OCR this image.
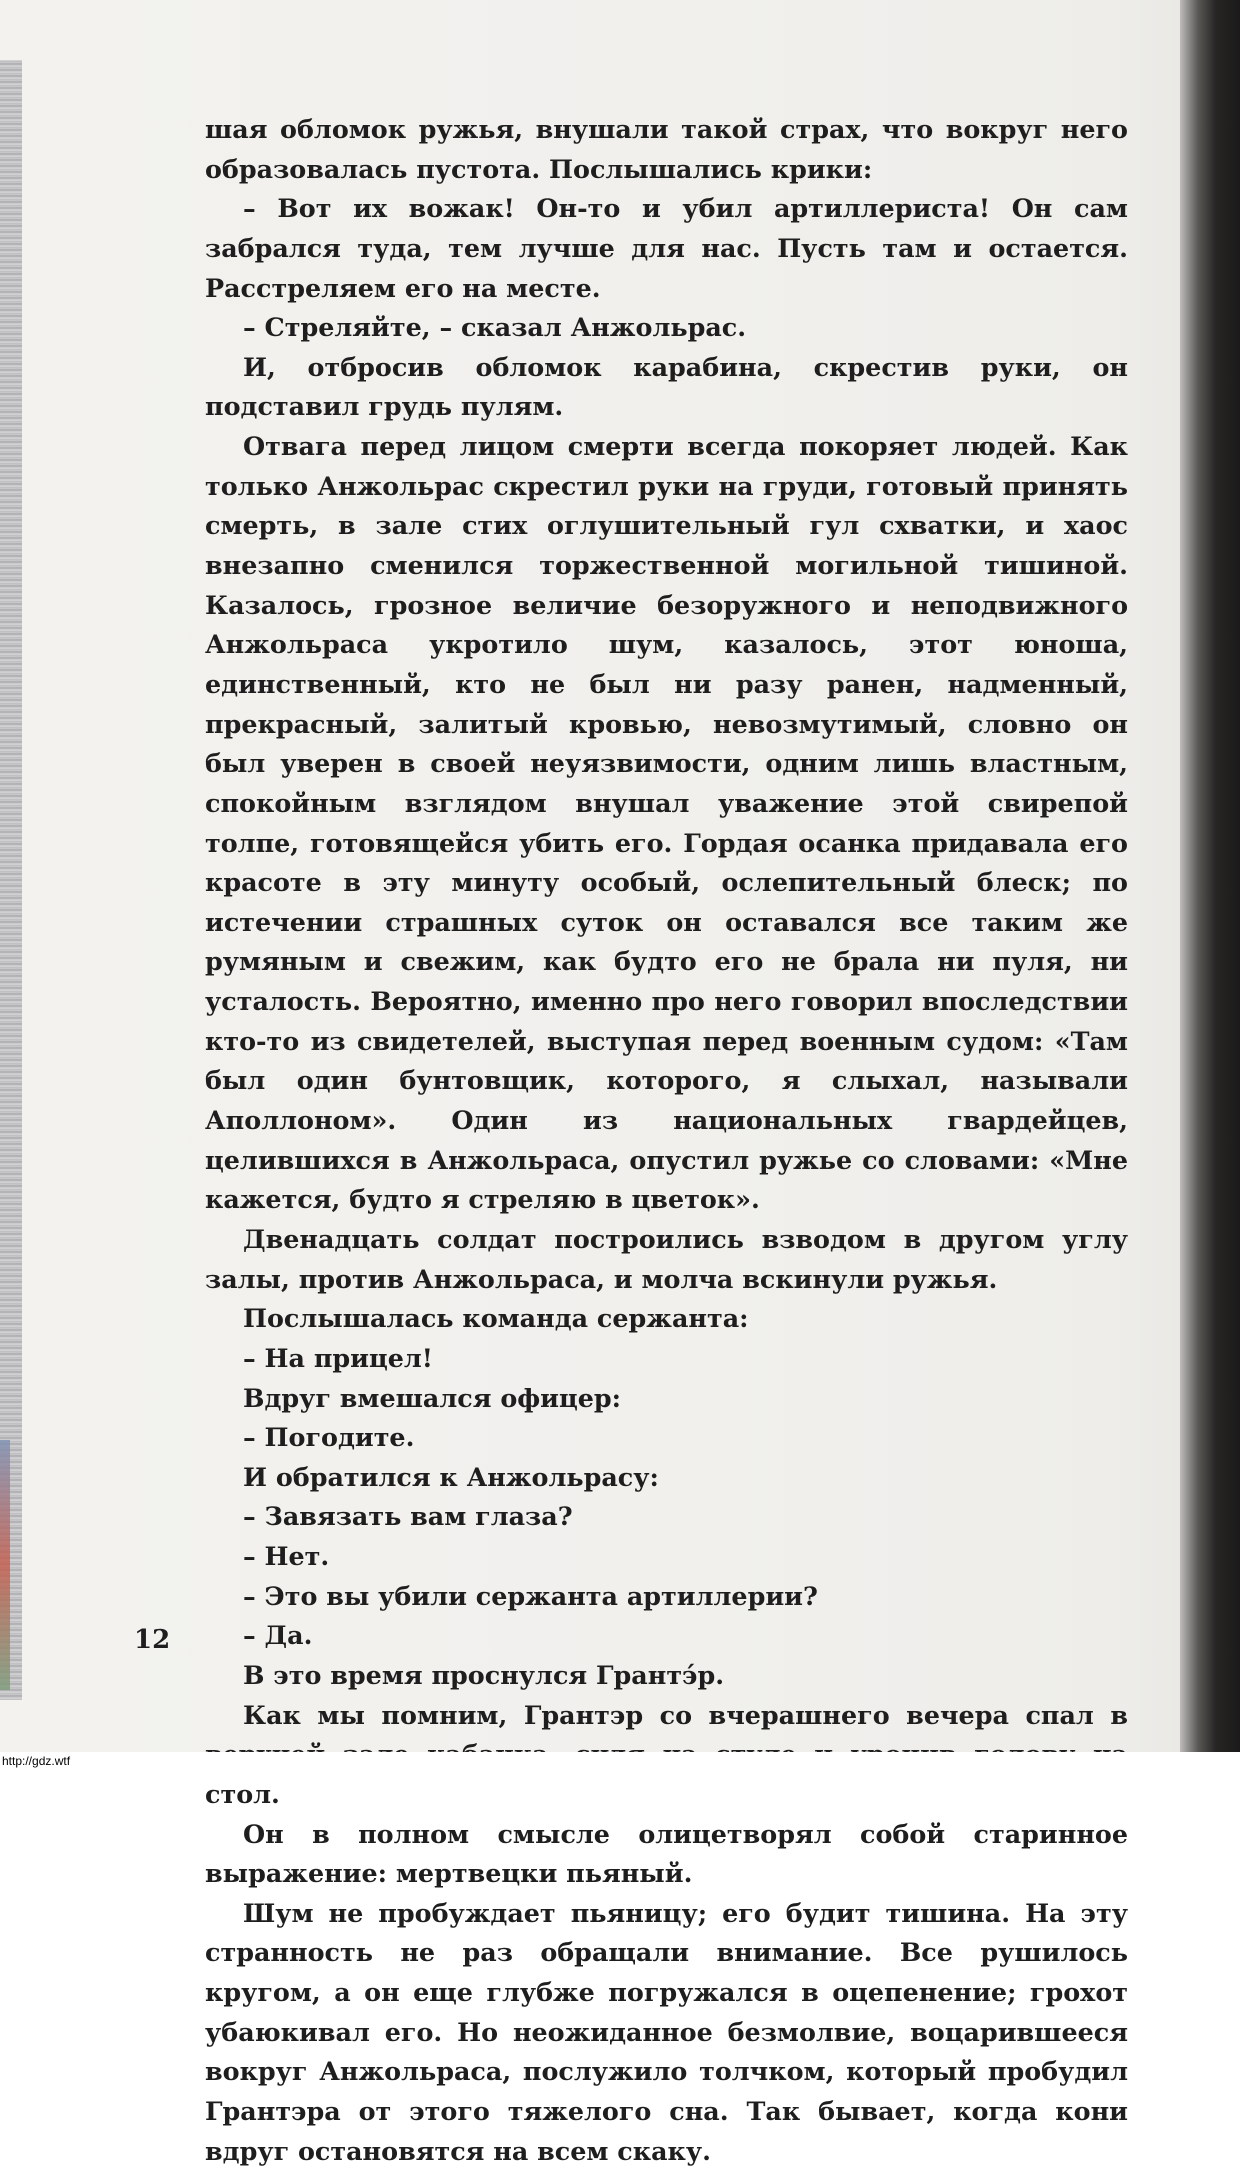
шая обломок ружья, внушали такой страх, что вокруг него образовалась пустота. Послышались крики:

– Вот их вожак! Он-то и убил артиллериста! Он сам забрался туда, тем лучше для нас. Пусть там и остается. Расстреляем его на месте.

– Стреляйте, – сказал Анжольрас.

И, отбросив обломок карабина, скрестив руки, он подставил грудь пулям.

Отвага перед лицом смерти всегда покоряет людей. Как только Анжольрас скрестил руки на груди, готовый принять смерть, в зале стих оглушительный гул схватки, и хаос внезапно сменился торжественной могильной тишиной. Казалось, грозное величие безоружного и неподвижного Анжольраса укротило шум, казалось, этот юноша, единственный, кто не был ни разу ранен, надменный, прекрасный, залитый кровью, невозмутимый, словно он был уверен в своей неуязвимости, одним лишь властным, спокойным взглядом внушал уважение этой свирепой толпе, готовящейся убить его. Гордая осанка придавала его красоте в эту минуту особый, ослепительный блеск; по истечении страшных суток он оставался все таким же румяным и свежим, как будто его не брала ни пуля, ни усталость. Вероятно, именно про него говорил впоследствии кто-то из свидетелей, выступая перед военным судом: «Там был один бунтовщик, которого, я слыхал, называли Аполлоном». Один из национальных гвардейцев, целившихся в Анжольраса, опустил ружье со словами: «Мне кажется, будто я стреляю в цветок».

Двенадцать солдат построились взводом в другом углу залы, против Анжольраса, и молча вскинули ружья.

Послышалась команда сержанта:

– На прицел!

Вдруг вмешался офицер:

– Погодите.

И обратился к Анжольрасу:

– Завязать вам глаза?

– Нет.

– Это вы убили сержанта артиллерии?

– Да.

В это время проснулся Грантэ́р.

Как мы помним, Грантэр со вчерашнего вечера спал в стол.

Он в полном смысле олицетворял собой старинное выражение: мертвецки пьяный.

Шум не пробуждает пьяницу; его будит тишина. На эту странность не раз обращали внимание. Все рушилось кругом, а он еще глубже погружался в оцепенение; грохот убаюкивал его. Но неожиданное безмолвие, воцарившееся вокруг Анжольраса, послужило толчком, который пробудил Грантэра от этого тяжелого сна. Так бывает, когда кони вдруг остановятся на всем скаку.

12
http://gdz.wtf
